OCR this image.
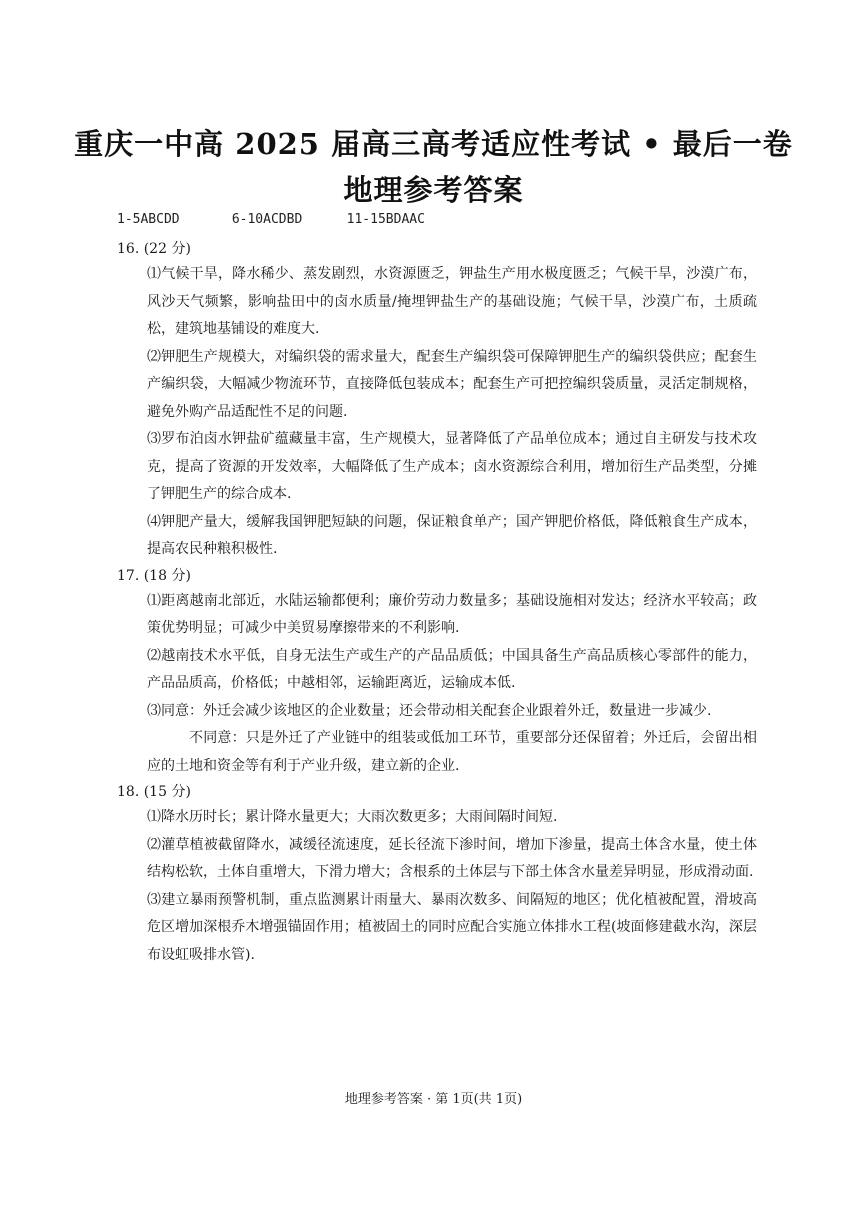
重庆一中高 2025 届高三高考适应性考试 • 最后一卷
地理参考答案
1-5ABCDD	6-10ACDBD	11-15BDAAC

16. (22 分)

⑴气候干旱，降水稀少、蒸发剧烈，水资源匮乏，钾盐生产用水极度匮乏；气候干旱，沙漠广布，风沙天气频繁，影响盐田中的卤水质量/掩埋钾盐生产的基础设施；气候干旱，沙漠广布，土质疏松，建筑地基铺设的难度大.

⑵钾肥生产规模大，对编织袋的需求量大，配套生产编织袋可保障钾肥生产的编织袋供应；配套生产编织袋，大幅减少物流环节，直接降低包装成本；配套生产可把控编织袋质量，灵活定制规格，避免外购产品适配性不足的问题.

⑶罗布泊卤水钾盐矿蕴藏量丰富，生产规模大，显著降低了产品单位成本；通过自主研发与技术攻克，提高了资源的开发效率，大幅降低了生产成本；卤水资源综合利用，增加衍生产品类型，分摊了钾肥生产的综合成本.

⑷钾肥产量大，缓解我国钾肥短缺的问题，保证粮食单产；国产钾肥价格低，降低粮食生产成本，提高农民种粮积极性.

17. (18 分)

⑴距离越南北部近，水陆运输都便利；廉价劳动力数量多；基础设施相对发达；经济水平较高；政策优势明显；可减少中美贸易摩擦带来的不利影响.

⑵越南技术水平低，自身无法生产或生产的产品品质低；中国具备生产高品质核心零部件的能力，产品品质高，价格低；中越相邻，运输距离近，运输成本低.

⑶同意：外迁会减少该地区的企业数量；还会带动相关配套企业跟着外迁，数量进一步减少.

不同意：只是外迁了产业链中的组装或低加工环节，重要部分还保留着；外迁后，会留出相应的土地和资金等有利于产业升级，建立新的企业.

18. (15 分)

⑴降水历时长；累计降水量更大；大雨次数更多；大雨间隔时间短.

⑵灌草植被截留降水，减缓径流速度，延长径流下渗时间，增加下渗量，提高土体含水量，使土体结构松软，土体自重增大，下滑力增大；含根系的土体层与下部土体含水量差异明显，形成滑动面.

⑶建立暴雨预警机制，重点监测累计雨量大、暴雨次数多、间隔短的地区；优化植被配置，滑坡高危区增加深根乔木增强锚固作用；植被固土的同时应配合实施立体排水工程(坡面修建截水沟，深层布设虹吸排水管).

地理参考答案 · 第 1页(共 1页)
